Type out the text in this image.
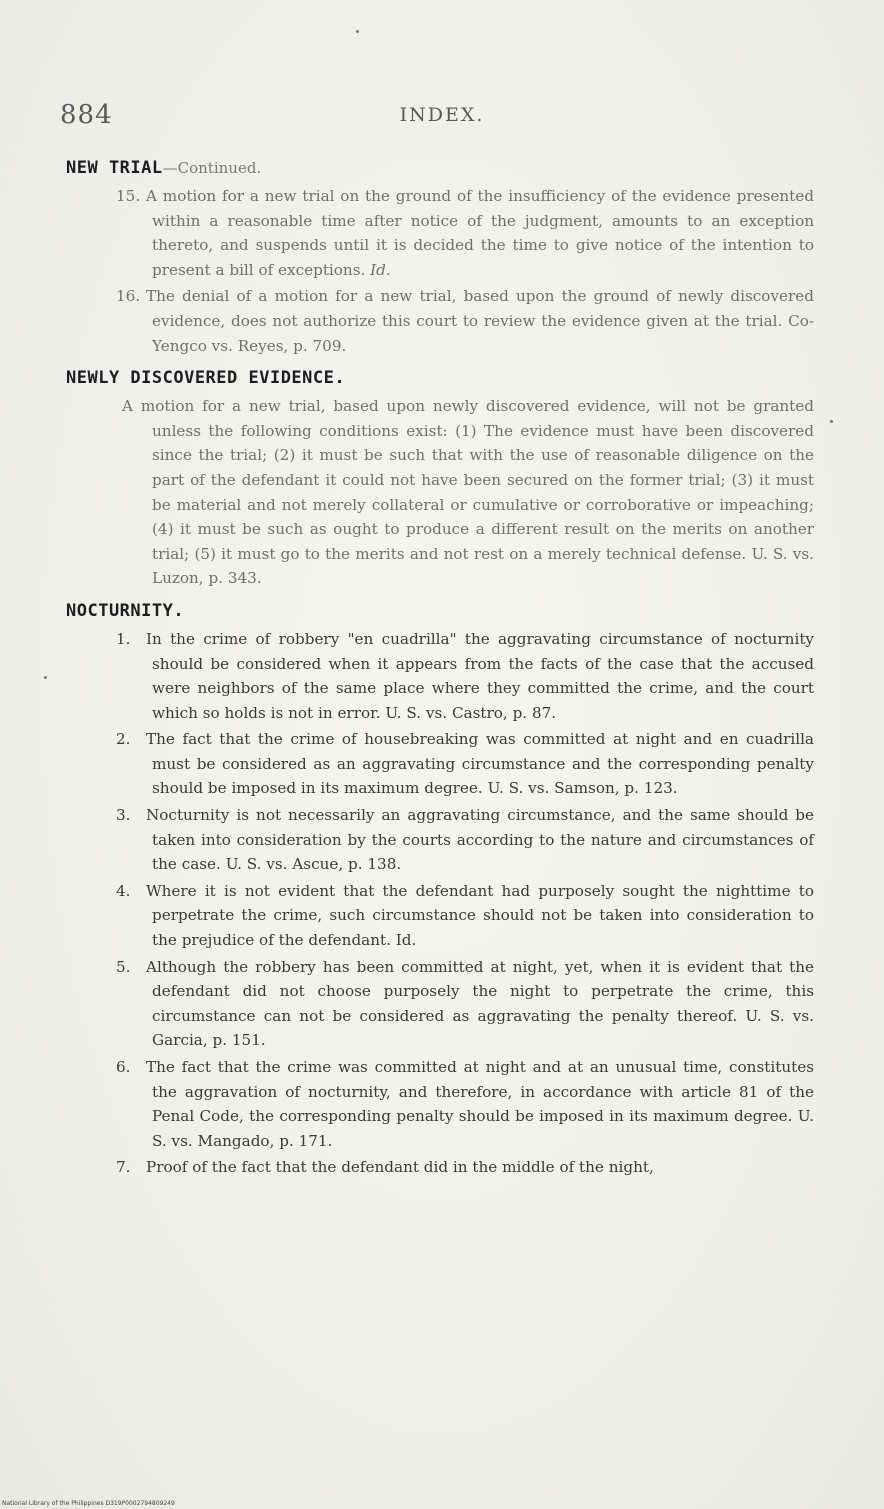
884	INDEX.
NEW TRIAL—Continued.

15. A motion for a new trial on the ground of the insufficiency of the evidence presented within a reasonable time after notice of the judgment, amounts to an exception thereto, and suspends until it is decided the time to give notice of the intention to present a bill of exceptions. Id.

16. The denial of a motion for a new trial, based upon the ground of newly discovered evidence, does not authorize this court to review the evidence given at the trial. Co-Yengco vs. Reyes, p. 709.

NEWLY DISCOVERED EVIDENCE.

A motion for a new trial, based upon newly discovered evidence, will not be granted unless the following conditions exist: (1) The evidence must have been discovered since the trial; (2) it must be such that with the use of reasonable diligence on the part of the defendant it could not have been secured on the former trial; (3) it must be material and not merely collateral or cumulative or corroborative or impeaching; (4) it must be such as ought to produce a different result on the merits on another trial; (5) it must go to the merits and not rest on a merely technical defense. U. S. vs. Luzon, p. 343.

NOCTURNITY.

1. In the crime of robbery "en cuadrilla" the aggravating circumstance of nocturnity should be considered when it appears from the facts of the case that the accused were neighbors of the same place where they committed the crime, and the court which so holds is not in error. U. S. vs. Castro, p. 87.

2. The fact that the crime of housebreaking was committed at night and en cuadrilla must be considered as an aggravating circumstance and the corresponding penalty should be imposed in its maximum degree. U. S. vs. Samson, p. 123.

3. Nocturnity is not necessarily an aggravating circumstance, and the same should be taken into consideration by the courts according to the nature and circumstances of the case. U. S. vs. Ascue, p. 138.

4. Where it is not evident that the defendant had purposely sought the nighttime to perpetrate the crime, such circumstance should not be taken into consideration to the prejudice of the defendant. Id.

5. Although the robbery has been committed at night, yet, when it is evident that the defendant did not choose purposely the night to perpetrate the crime, this circumstance can not be considered as aggravating the penalty thereof. U. S. vs. Garcia, p. 151.

6. The fact that the crime was committed at night and at an unusual time, constitutes the aggravation of nocturnity, and therefore, in accordance with article 81 of the Penal Code, the corresponding penalty should be imposed in its maximum degree. U. S. vs. Mangado, p. 171.

7. Proof of the fact that the defendant did in the middle of the night,

National Library of the Philippines D319P0002794809249
